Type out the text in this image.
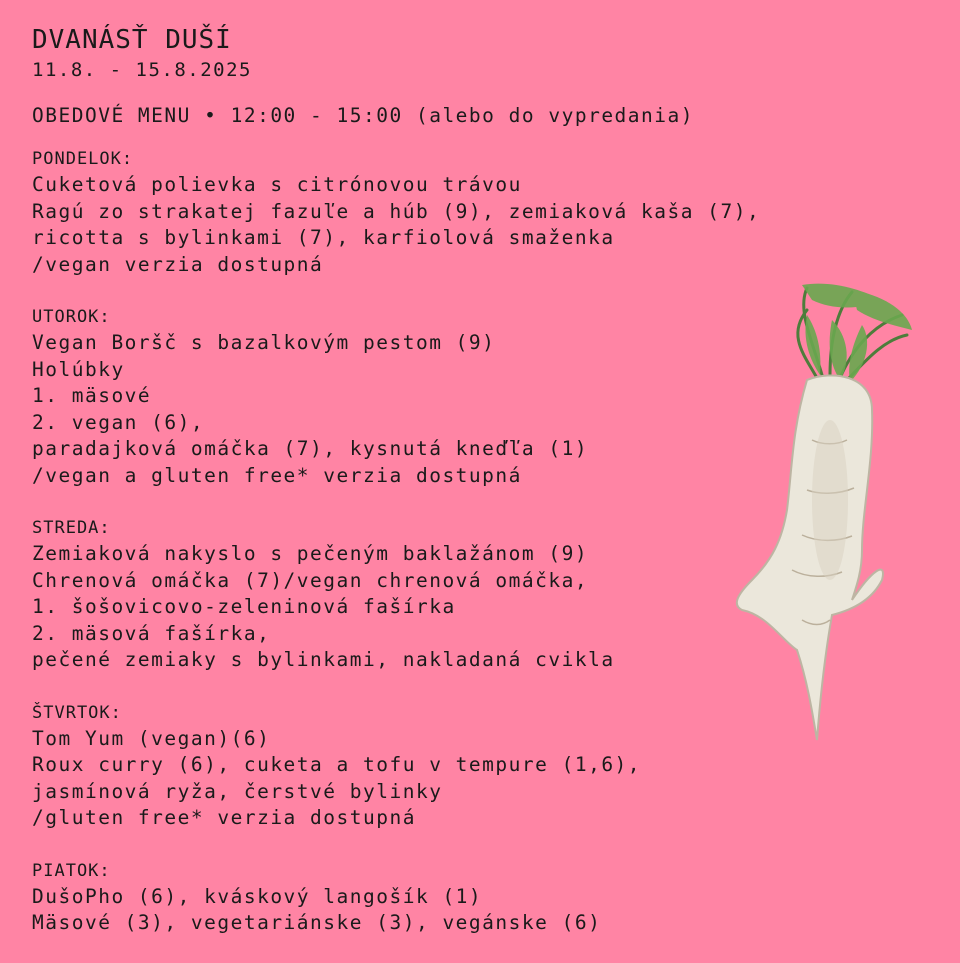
DVANÁSŤ DUŠÍ
11.8. - 15.8.2025
OBEDOVÉ MENU • 12:00 - 15:00 (alebo do vypredania)
PONDELOK:
Cuketová polievka s citrónovou trávou
Ragú zo strakatej fazuľe a húb (9), zemiaková kaša (7),
ricotta s bylinkami (7), karfiolová smaženka
/vegan verzia dostupná
UTOROK:
Vegan Boršč s bazalkovým pestom (9)
Holúbky
1. mäsové
2. vegan (6),
paradajková omáčka (7), kysnutá kneďľa (1)
/vegan a gluten free* verzia dostupná
STREDA:
Zemiaková nakyslo s pečeným baklažánom (9)
Chrenová omáčka (7)/vegan chrenová omáčka,
1. šošovicovo-zeleninová fašírka
2. mäsová fašírka,
pečené zemiaky s bylinkami, nakladaná cvikla
ŠTVRTOK:
Tom Yum (vegan)(6)
Roux curry (6), cuketa a tofu v tempure (1,6),
jasmínová ryža, čerstvé bylinky
/gluten free* verzia dostupná
PIATOK:
DušoPho (6), kváskový langošík (1)
Mäsové (3), vegetariánske (3), vegánske (6)
